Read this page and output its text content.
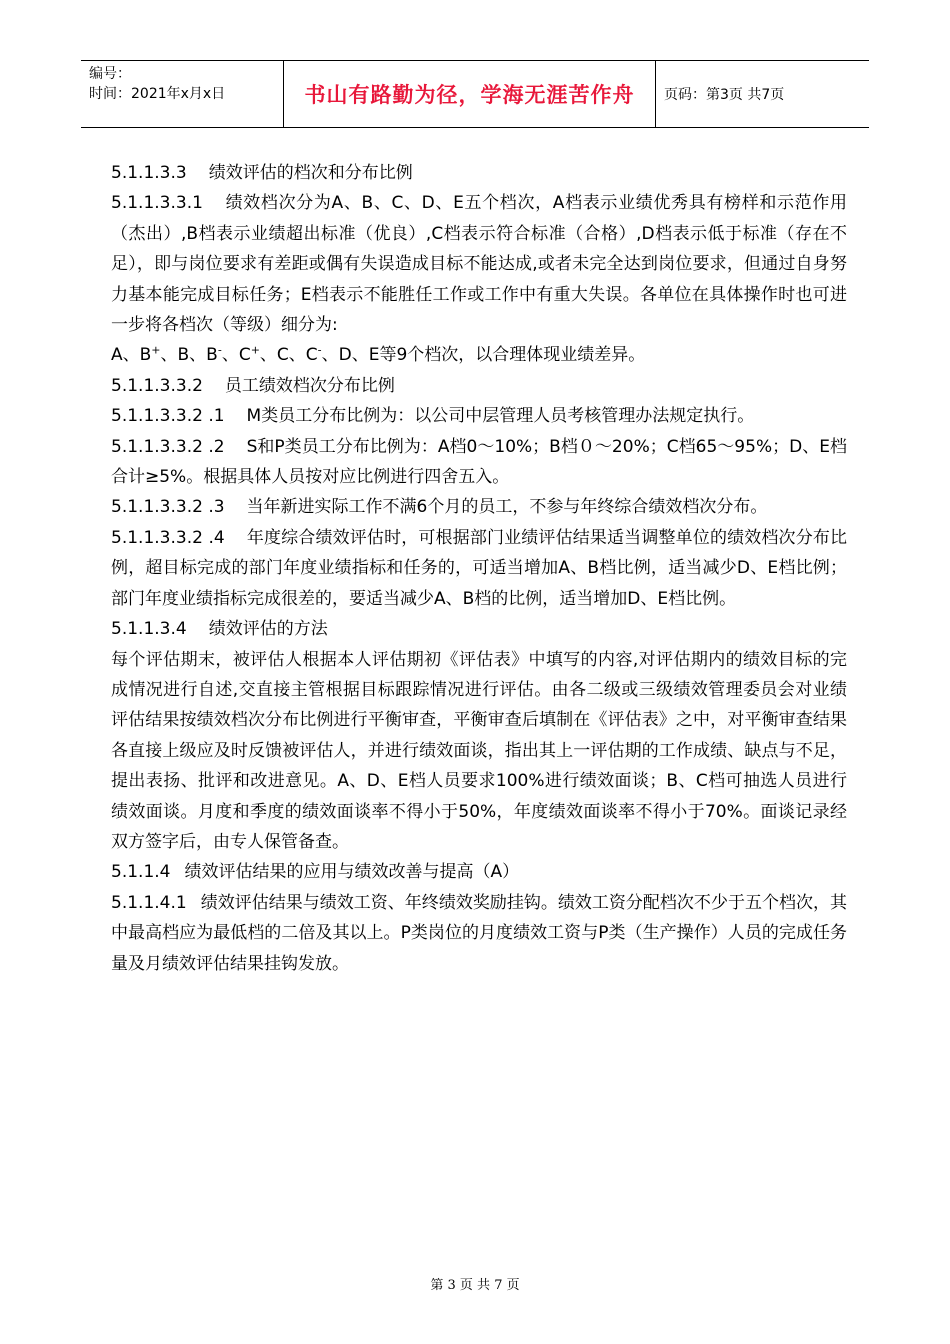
编号：
时间：2021年x月x日	书山有路勤为径，学海无涯苦作舟	页码：第3页 共7页

5.1.1.3.3 绩效评估的档次和分布比例

5.1.1.3.3.1 绩效档次分为A、B、C、D、E五个档次，A档表示业绩优秀具有榜样和示范作用（杰出）,B档表示业绩超出标准（优良）,C档表示符合标准（合格）,D档表示低于标准（存在不足），即与岗位要求有差距或偶有失误造成目标不能达成,或者未完全达到岗位要求，但通过自身努力基本能完成目标任务；E档表示不能胜任工作或工作中有重大失误。各单位在具体操作时也可进一步将各档次（等级）细分为:

A、B+、B、B-、C+、C、C-、D、E等9个档次，以合理体现业绩差异。

5.1.1.3.3.2 员工绩效档次分布比例

5.1.1.3.3.2 .1 M类员工分布比例为：以公司中层管理人员考核管理办法规定执行。

5.1.1.3.3.2 .2 S和P类员工分布比例为：A档0～10%；B档０～20%；C档65～95%；D、E档合计≥5%。根据具体人员按对应比例进行四舍五入。

5.1.1.3.3.2 .3 当年新进实际工作不满6个月的员工，不参与年终综合绩效档次分布。

5.1.1.3.3.2 .4 年度综合绩效评估时，可根据部门业绩评估结果适当调整单位的绩效档次分布比例，超目标完成的部门年度业绩指标和任务的，可适当增加A、B档比例，适当减少D、E档比例；部门年度业绩指标完成很差的，要适当减少A、B档的比例，适当增加D、E档比例。

5.1.1.3.4 绩效评估的方法

每个评估期末，被评估人根据本人评估期初《评估表》中填写的内容,对评估期内的绩效目标的完成情况进行自述,交直接主管根据目标跟踪情况进行评估。由各二级或三级绩效管理委员会对业绩评估结果按绩效档次分布比例进行平衡审查，平衡审查后填制在《评估表》之中，对平衡审查结果各直接上级应及时反馈被评估人，并进行绩效面谈，指出其上一评估期的工作成绩、缺点与不足，提出表扬、批评和改进意见。A、D、E档人员要求100%进行绩效面谈；B、C档可抽选人员进行绩效面谈。月度和季度的绩效面谈率不得小于50%，年度绩效面谈率不得小于70%。面谈记录经双方签字后，由专人保管备查。

5.1.1.4 绩效评估结果的应用与绩效改善与提高（A）

5.1.1.4.1 绩效评估结果与绩效工资、年终绩效奖励挂钩。绩效工资分配档次不少于五个档次，其中最高档应为最低档的二倍及其以上。P类岗位的月度绩效工资与P类（生产操作）人员的完成任务量及月绩效评估结果挂钩发放。

第 3 页 共 7 页
